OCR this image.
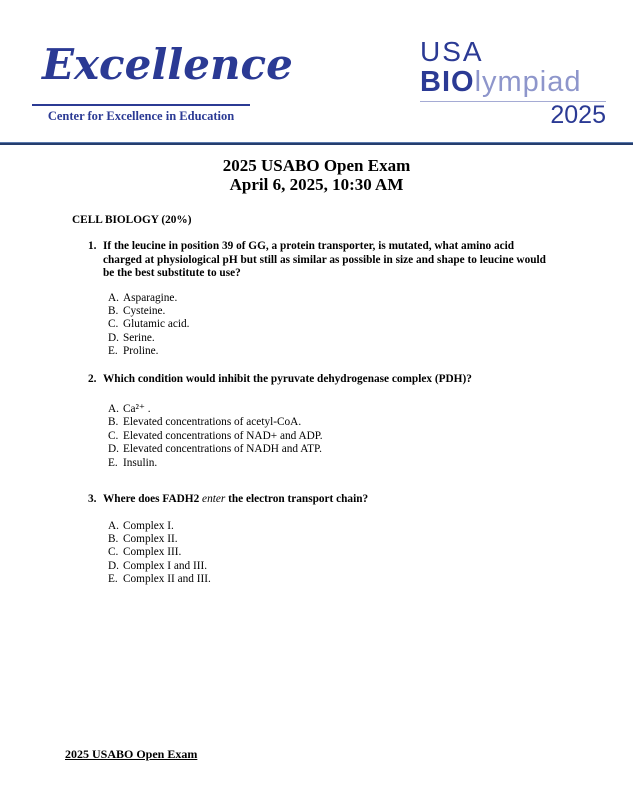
Excellence
Center for Excellence in Education
USA
BIOlympiad
2025
2025 USABO Open Exam
April 6, 2025, 10:30 AM
CELL BIOLOGY (20%)
1. If the leucine in position 39 of GG, a protein transporter, is mutated, what amino acid charged at physiological pH but still as similar as possible in size and shape to leucine would be the best substitute to use?
A. Asparagine.
B. Cysteine.
C. Glutamic acid.
D. Serine.
E. Proline.
2. Which condition would inhibit the pyruvate dehydrogenase complex (PDH)?
A. Ca²⁺ .
B. Elevated concentrations of acetyl-CoA.
C. Elevated concentrations of NAD+ and ADP.
D. Elevated concentrations of NADH and ATP.
E. Insulin.
3. Where does FADH2 enter the electron transport chain?
A. Complex I.
B. Complex II.
C. Complex III.
D. Complex I and III.
E. Complex II and III.
2025 USABO Open Exam
